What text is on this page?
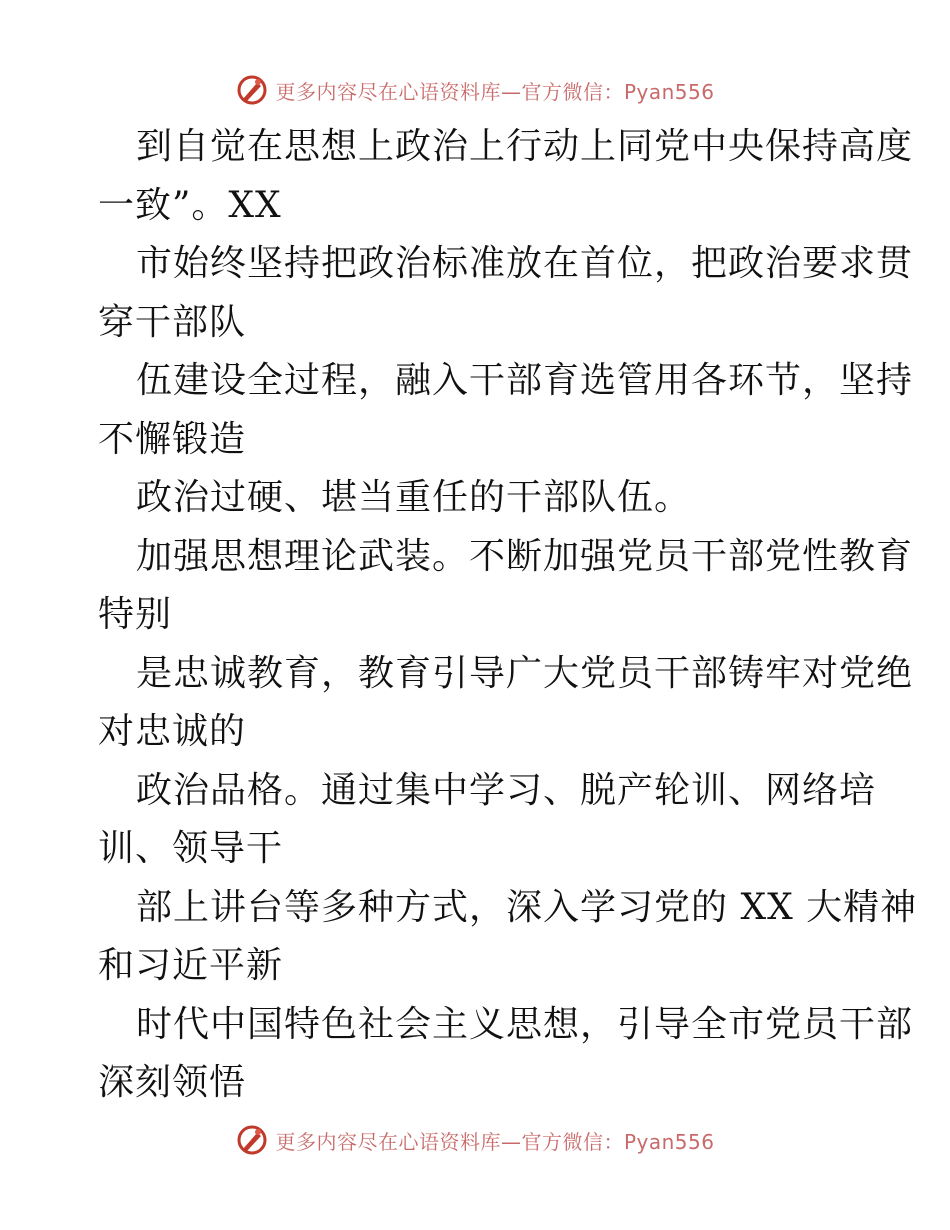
更多内容尽在心语资料库—官方微信：Pyan556
到自觉在思想上政治上行动上同党中央保持高度
一致”。XX
市始终坚持把政治标准放在首位，把政治要求贯
穿干部队
伍建设全过程，融入干部育选管用各环节，坚持
不懈锻造
政治过硬、堪当重任的干部队伍。
加强思想理论武装。不断加强党员干部党性教育
特别
是忠诚教育，教育引导广大党员干部铸牢对党绝
对忠诚的
政治品格。通过集中学习、脱产轮训、网络培
训、领导干
部上讲台等多种方式，深入学习党的 XX 大精神
和习近平新
时代中国特色社会主义思想，引导全市党员干部
深刻领悟
更多内容尽在心语资料库—官方微信：Pyan556
